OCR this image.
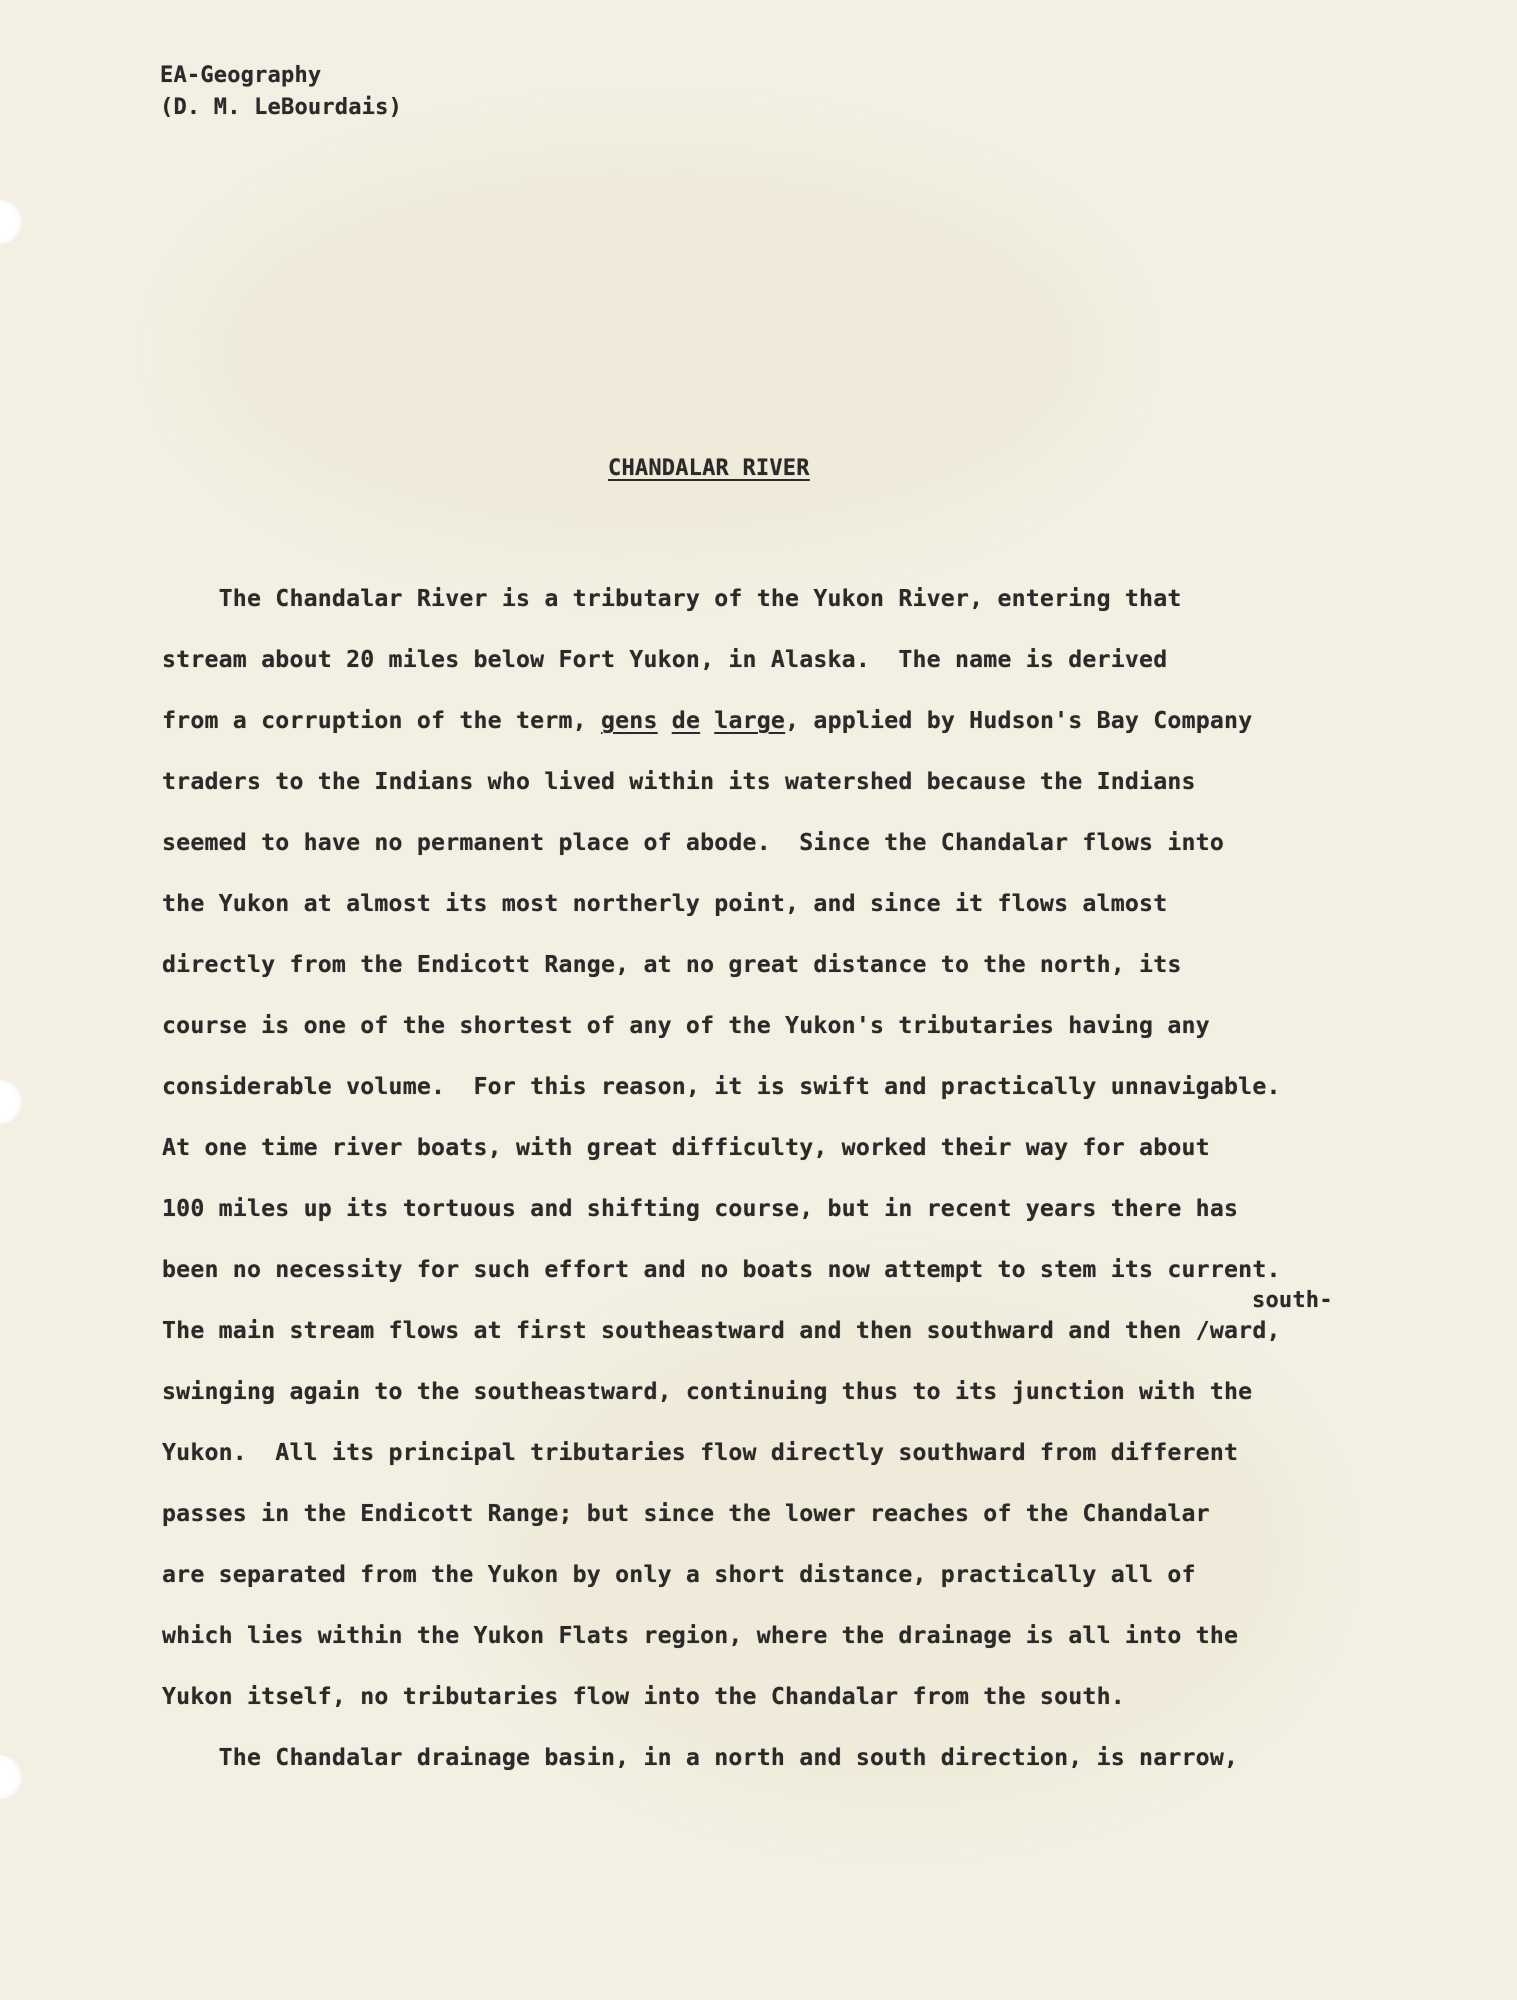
EA-Geography
(D. M. LeBourdais)
CHANDALAR RIVER
The Chandalar River is a tributary of the Yukon River, entering that
stream about 20 miles below Fort Yukon, in Alaska.  The name is derived
from a corruption of the term, gens de large, applied by Hudson's Bay Company
traders to the Indians who lived within its watershed because the Indians
seemed to have no permanent place of abode.  Since the Chandalar flows into
the Yukon at almost its most northerly point, and since it flows almost
directly from the Endicott Range, at no great distance to the north, its
course is one of the shortest of any of the Yukon's tributaries having any
considerable volume.  For this reason, it is swift and practically unnavigable.
At one time river boats, with great difficulty, worked their way for about
100 miles up its tortuous and shifting course, but in recent years there has
been no necessity for such effort and no boats now attempt to stem its current.
south-
The main stream flows at first southeastward and then southward and then /ward,
swinging again to the southeastward, continuing thus to its junction with the
Yukon.  All its principal tributaries flow directly southward from different
passes in the Endicott Range; but since the lower reaches of the Chandalar
are separated from the Yukon by only a short distance, practically all of
which lies within the Yukon Flats region, where the drainage is all into the
Yukon itself, no tributaries flow into the Chandalar from the south.
The Chandalar drainage basin, in a north and south direction, is narrow,
